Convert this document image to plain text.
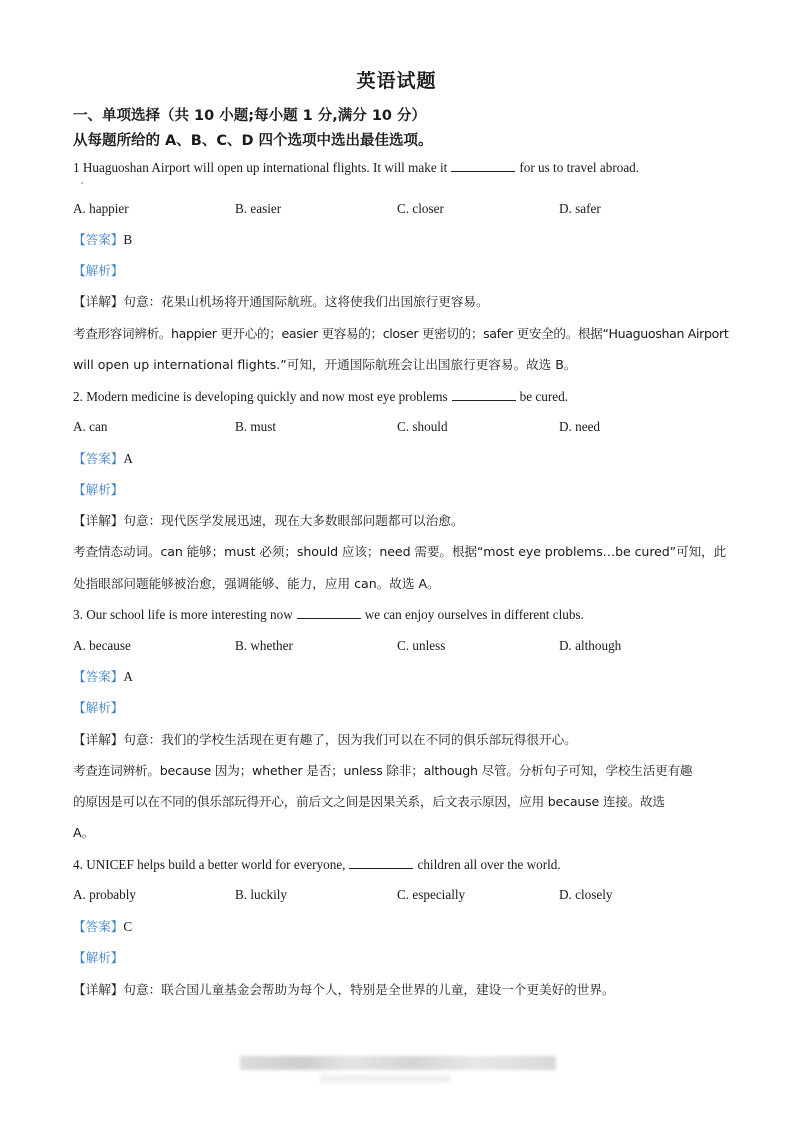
英语试题
一、单项选择（共 10 小题;每小题 1 分,满分 10 分）
从每题所给的 A、B、C、D 四个选项中选出最佳选项。
1 Huaguoshan Airport will open up international flights. It will make it	for us to travel abroad.
A. happier	B. easier	C. closer	D. safer
【答案】B
【解析】
【详解】句意：花果山机场将开通国际航班。这将使我们出国旅行更容易。
考查形容词辨析。happier 更开心的；easier 更容易的；closer 更密切的；safer 更安全的。根据“Huaguoshan Airport
will open up international flights.”可知，开通国际航班会让出国旅行更容易。故选 B。
2. Modern medicine is developing quickly and now most eye problems	be cured.
A. can	B. must	C. should	D. need
【答案】A
【解析】
【详解】句意：现代医学发展迅速，现在大多数眼部问题都可以治愈。
考查情态动词。can 能够；must 必须；should 应该；need 需要。根据“most eye problems…be cured”可知，此
处指眼部问题能够被治愈，强调能够、能力，应用 can。故选 A。
3. Our school life is more interesting now	we can enjoy ourselves in different clubs.
A. because	B. whether	C. unless	D. although
【答案】A
【解析】
【详解】句意：我们的学校生活现在更有趣了，因为我们可以在不同的俱乐部玩得很开心。
考查连词辨析。because 因为；whether 是否；unless 除非；although 尽管。分析句子可知，学校生活更有趣
的原因是可以在不同的俱乐部玩得开心，前后文之间是因果关系，后文表示原因，应用 because 连接。故选
A。
4. UNICEF helps build a better world for everyone,	children all over the world.
A. probably	B. luckily	C. especially	D. closely
【答案】C
【解析】
【详解】句意：联合国儿童基金会帮助为每个人，特别是全世界的儿童，建设一个更美好的世界。
